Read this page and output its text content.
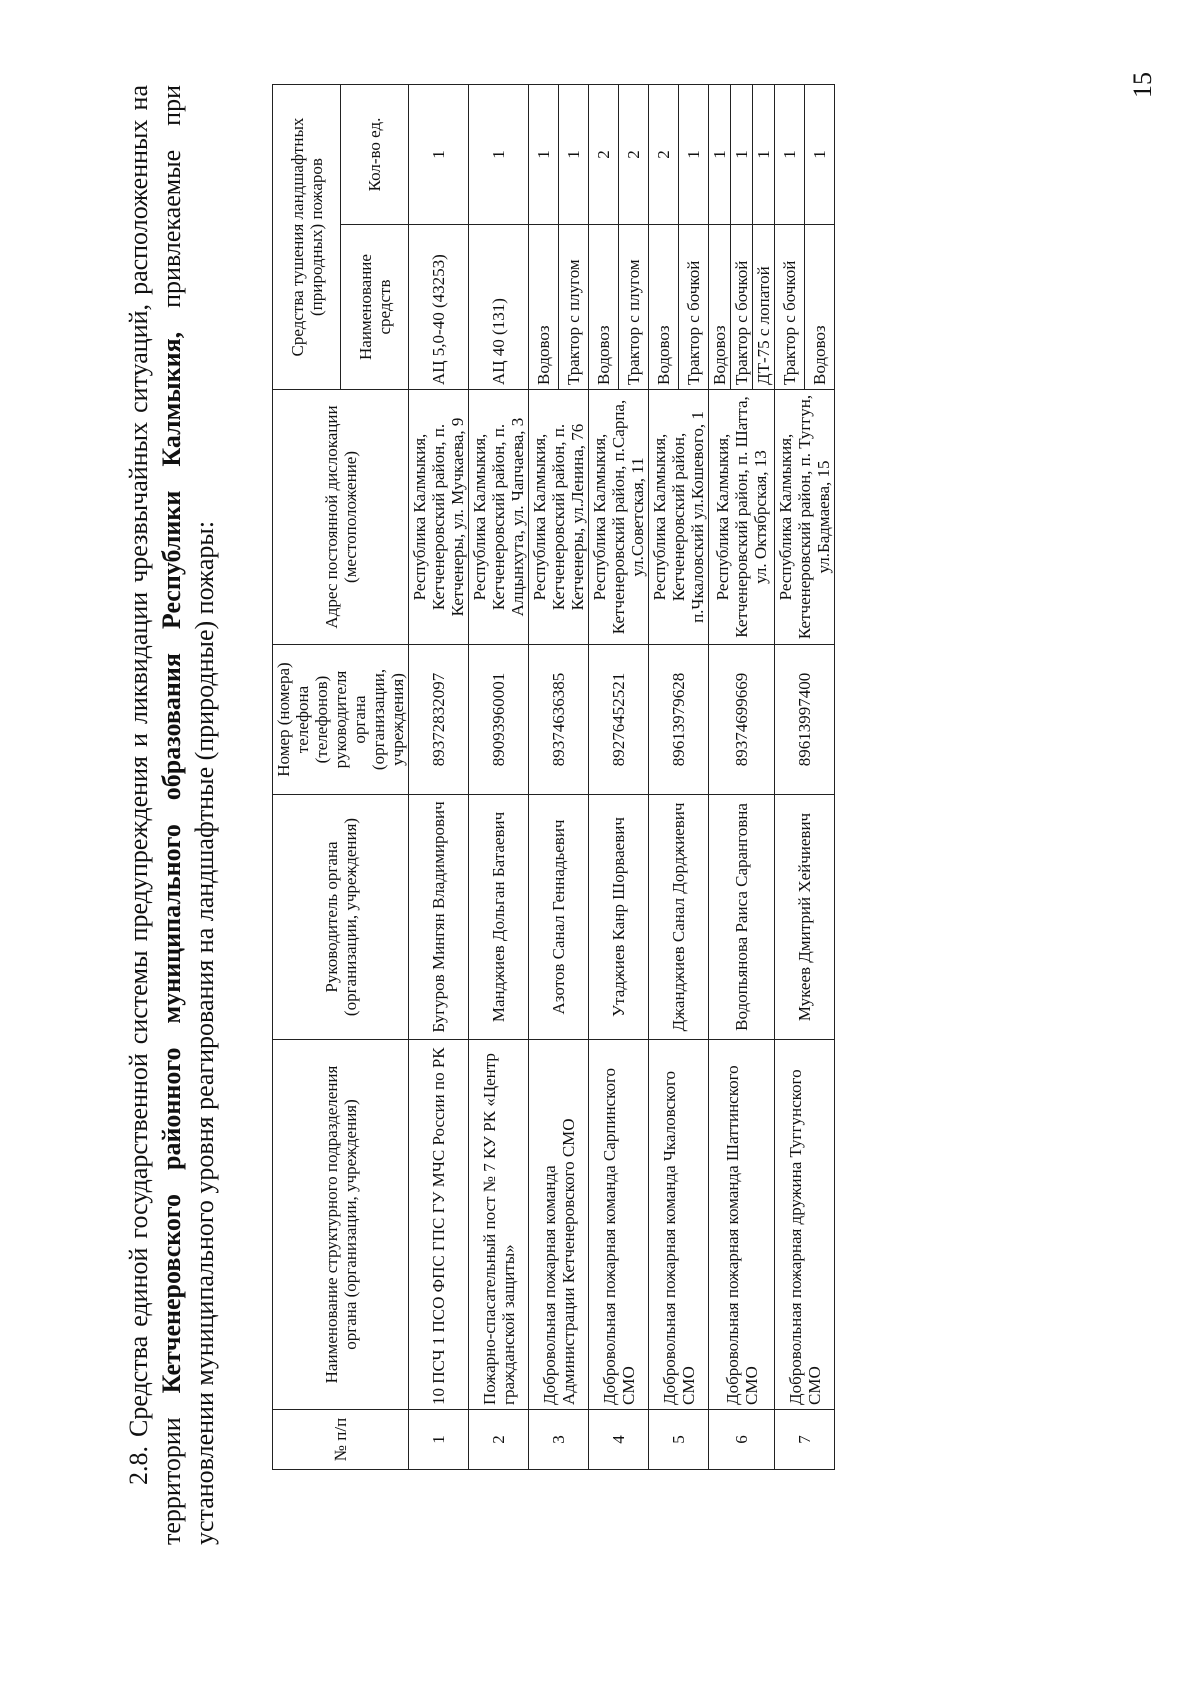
2.8. Средства единой государственной системы предупреждения и ликвидации чрезвычайных ситуаций, расположенных на территории Кетченеровского районного муниципального образования Республики Калмыкия, привлекаемые при установлении муниципального уровня реагирования на ландшафтные (природные) пожары:	№ п/п	Наименование структурного подразделения органа (организации, учреждения)	Руководитель органа (организации, учреждения)	Номер (номера) телефона (телефонов) руководителя органа (организации, учреждения)	Адрес постоянной дислокации (местоположение)	Средства тушения ландшафтных (природных) пожаров	
					Наименование средств	Кол-во ед.
1	10 ПСЧ 1 ПСО ФПС ГПС ГУ МЧС России по РК	Бугуров Мингян Владимирович	89372832097	Республика Калмыкия, Кетченеровский район, п. Кетченеры, ул. Мучкаева, 9	АЦ 5,0-40 (43253)	1
2	Пожарно-спасательный пост № 7 КУ РК «Центр гражданской защиты»	Манджиев Дольган Батаевич	89093960001	Республика Калмыкия, Кетченеровский район, п. Алцынхута, ул. Чапчаева, 3	АЦ 40 (131)	1
3	Добровольная пожарная команда Администрации Кетченеровского СМО	Азотов Санал Геннадьевич	89374636385	Республика Калмыкия, Кетченеровский район, п. Кетченеры, ул.Ленина, 76	Водовоз	1
					Трактор с плугом	1
4	Добровольная пожарная команда Сарпинского СМО	Утаджиев Канр Шорваевич	89276452521	Республика Калмыкия, Кетченеровский район, п.Сарпа, ул.Советская, 11	Водовоз	2
					Трактор с плугом	2
5	Добровольная пожарная команда Чкаловского СМО	Джанджиев Санал Дорджиевич	89613979628	Республика Калмыкия, Кетченеровский район, п.Чкаловский ул.Кошевого, 1	Водовоз	2
					Трактор с бочкой	1
6	Добровольная пожарная команда Шаттинского СМО	Водопьянова Раиса Саранговна	89374699669	Республика Калмыкия, Кетченеровский район, п. Шатта, ул. Октябрская, 13	Водовоз	1
					Трактор с бочкой	1
					ДТ-75 с лопатой	1
7	Добровольная пожарная дружина Туггунского СМО	Мукеев Дмитрий Хейчиевич	89613997400	Республика Калмыкия, Кетченеровский район, п. Туггун, ул.Бадмаева, 15	Трактор с бочкой	1
					Водовоз	1
15
